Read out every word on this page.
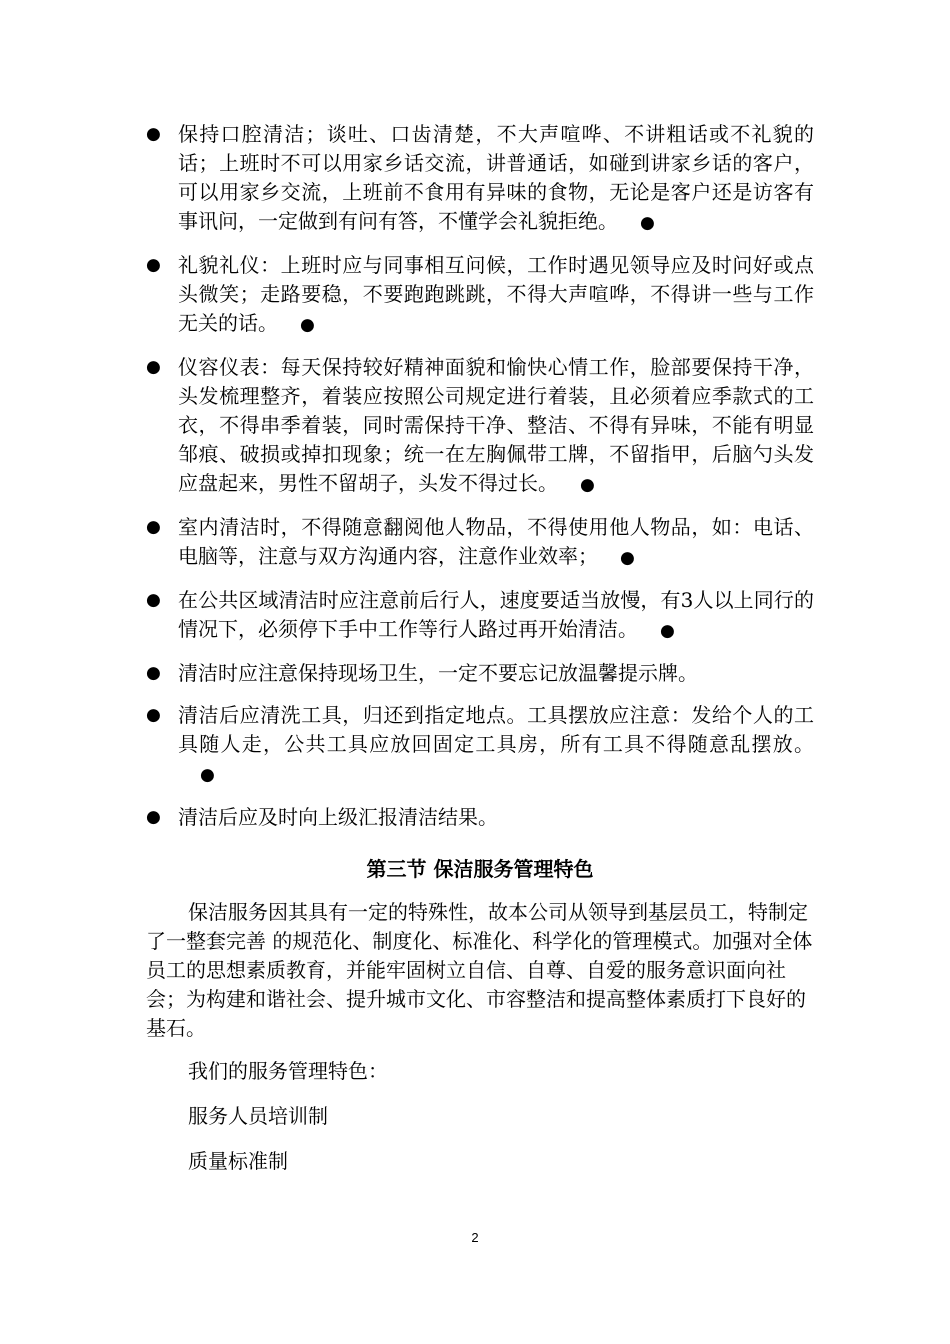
● 保持口腔清洁；谈吐、口齿清楚，不大声喧哗、不讲粗话或不礼貌的话；上班时不可以用家乡话交流，讲普通话，如碰到讲家乡话的客户，可以用家乡交流，上班前不食用有异味的食物，无论是客户还是访客有事讯问，一定做到有问有答，不懂学会礼貌拒绝。 ●
● 礼貌礼仪：上班时应与同事相互问候，工作时遇见领导应及时问好或点头微笑；走路要稳，不要跑跑跳跳，不得大声喧哗，不得讲一些与工作无关的话。 ●
● 仪容仪表：每天保持较好精神面貌和愉快心情工作，脸部要保持干净，头发梳理整齐，着装应按照公司规定进行着装，且必须着应季款式的工衣，不得串季着装，同时需保持干净、整洁、不得有异味，不能有明显邹痕、破损或掉扣现象；统一在左胸佩带工牌，不留指甲，后脑勺头发应盘起来，男性不留胡子，头发不得过长。 ●
● 室内清洁时，不得随意翻阅他人物品，不得使用他人物品，如：电话、电脑等，注意与双方沟通内容，注意作业效率； ●
● 在公共区域清洁时应注意前后行人，速度要适当放慢，有3人以上同行的情况下，必须停下手中工作等行人路过再开始清洁。 ●
● 清洁时应注意保持现场卫生，一定不要忘记放温馨提示牌。
● 清洁后应清洗工具，归还到指定地点。工具摆放应注意：发给个人的工具随人走，公共工具应放回固定工具房，所有工具不得随意乱摆放。●
● 清洁后应及时向上级汇报清洁结果。
第三节 保洁服务管理特色

保洁服务因其具有一定的特殊性，故本公司从领导到基层员工，特制定了一整套完善 的规范化、制度化、标准化、科学化的管理模式。加强对全体员工的思想素质教育，并能牢固树立自信、自尊、自爱的服务意识面向社会；为构建和谐社会、提升城市文化、市容整洁和提高整体素质打下良好的基石。

我们的服务管理特色：

服务人员培训制

质量标准制

2
